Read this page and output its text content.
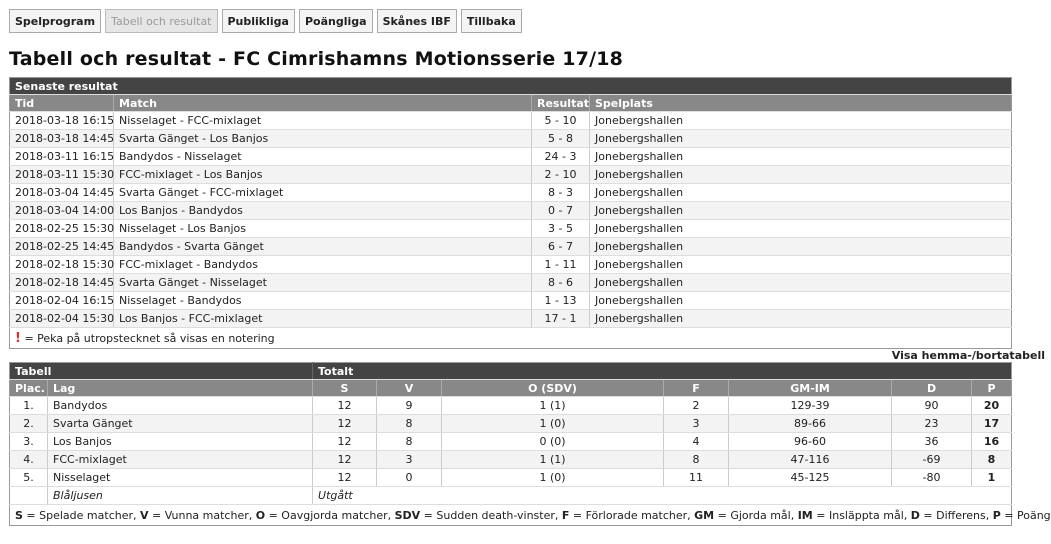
Spelprogram	Tabell och resultat	Publikliga	Poängliga	Skånes IBF	Tillbaka
Tabell och resultat - FC Cimrishamns Motionsserie 17/18
Senaste resultat			
Tid	Match	Resultat	Spelplats
2018-03-18 16:15	Nisselaget - FCC-mixlaget	5 - 10	Jonebergshallen
2018-03-18 14:45	Svarta Gänget - Los Banjos	5 - 8	Jonebergshallen
2018-03-11 16:15	Bandydos - Nisselaget	24 - 3	Jonebergshallen
2018-03-11 15:30	FCC-mixlaget - Los Banjos	2 - 10	Jonebergshallen
2018-03-04 14:45	Svarta Gänget - FCC-mixlaget	8 - 3	Jonebergshallen
2018-03-04 14:00	Los Banjos - Bandydos	0 - 7	Jonebergshallen
2018-02-25 15:30	Nisselaget - Los Banjos	3 - 5	Jonebergshallen
2018-02-25 14:45	Bandydos - Svarta Gänget	6 - 7	Jonebergshallen
2018-02-18 15:30	FCC-mixlaget - Bandydos	1 - 11	Jonebergshallen
2018-02-18 14:45	Svarta Gänget - Nisselaget	8 - 6	Jonebergshallen
2018-02-04 16:15	Nisselaget - Bandydos	1 - 13	Jonebergshallen
2018-02-04 15:30	Los Banjos - FCC-mixlaget	17 - 1	Jonebergshallen
! = Peka på utropstecknet så visas en notering			
Visa hemma-/bortatabell
Tabell		Totalt						
Plac.	Lag	S	V	O (SDV)	F	GM-IM	D	P
1.	Bandydos	12	9	1 (1)	2	129-39	90	20
2.	Svarta Gänget	12	8	1 (0)	3	89-66	23	17
3.	Los Banjos	12	8	0 (0)	4	96-60	36	16
4.	FCC-mixlaget	12	3	1 (1)	8	47-116	-69	8
5.	Nisselaget	12	0	1 (0)	11	45-125	-80	1
	Blåljusen	Utgått						
S = Spelade matcher, V = Vunna matcher, O = Oavgjorda matcher, SDV = Sudden death-vinster, F = Förlorade matcher, GM = Gjorda mål, IM = Insläppta mål, D = Differens, P = Poäng								
